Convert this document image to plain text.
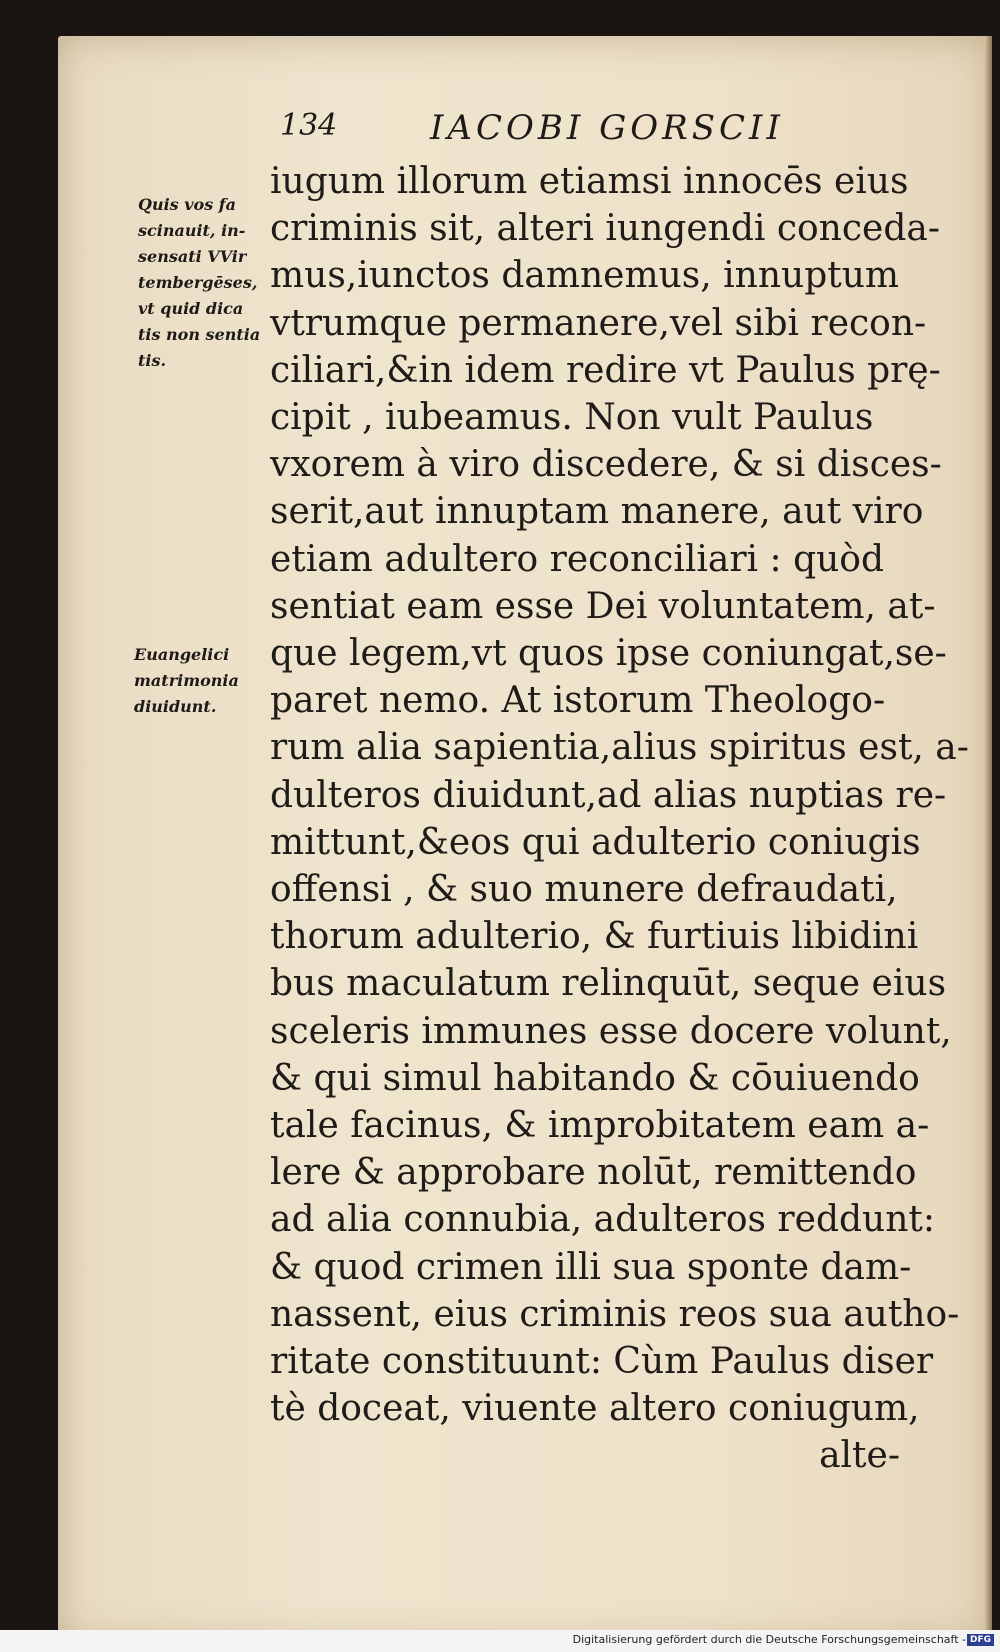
134	IACOBI GORSCII
Quis vos fa
scinauit, in-
sensati VVir
tembergēses,
vt quid dica
tis non sentia
tis.
Euangelici
matrimonia
diuidunt.
iugum illorum etiamsi innocēs eius
criminis sit, alteri iungendi conceda-
mus,iunctos damnemus, innuptum
vtrumque permanere,vel sibi recon-
ciliari,&in idem redire vt Paulus prę-
cipit , iubeamus. Non vult Paulus
vxorem à viro discedere, & si disces-
serit,aut innuptam manere, aut viro
etiam adultero reconciliari : quòd
sentiat eam esse Dei voluntatem, at-
que legem,vt quos ipse coniungat,se-
paret nemo. At istorum Theologo-
rum alia sapientia,alius spiritus est, a-
dulteros diuidunt,ad alias nuptias re-
mittunt,&eos qui adulterio coniugis
offensi , & suo munere defraudati,
thorum adulterio, & furtiuis libidini
bus maculatum relinquūt, seque eius
sceleris immunes esse docere volunt,
& qui simul habitando & cōuiuendo
tale facinus, & improbitatem eam a-
lere & approbare nolūt, remittendo
ad alia connubia, adulteros reddunt:
& quod crimen illi sua sponte dam-
nassent, eius criminis reos sua autho-
ritate constituunt: Cùm Paulus diser
tè doceat, viuente altero coniugum,
alte-
Digitalisierung gefördert durch die Deutsche Forschungsgemeinschaft - DFG
